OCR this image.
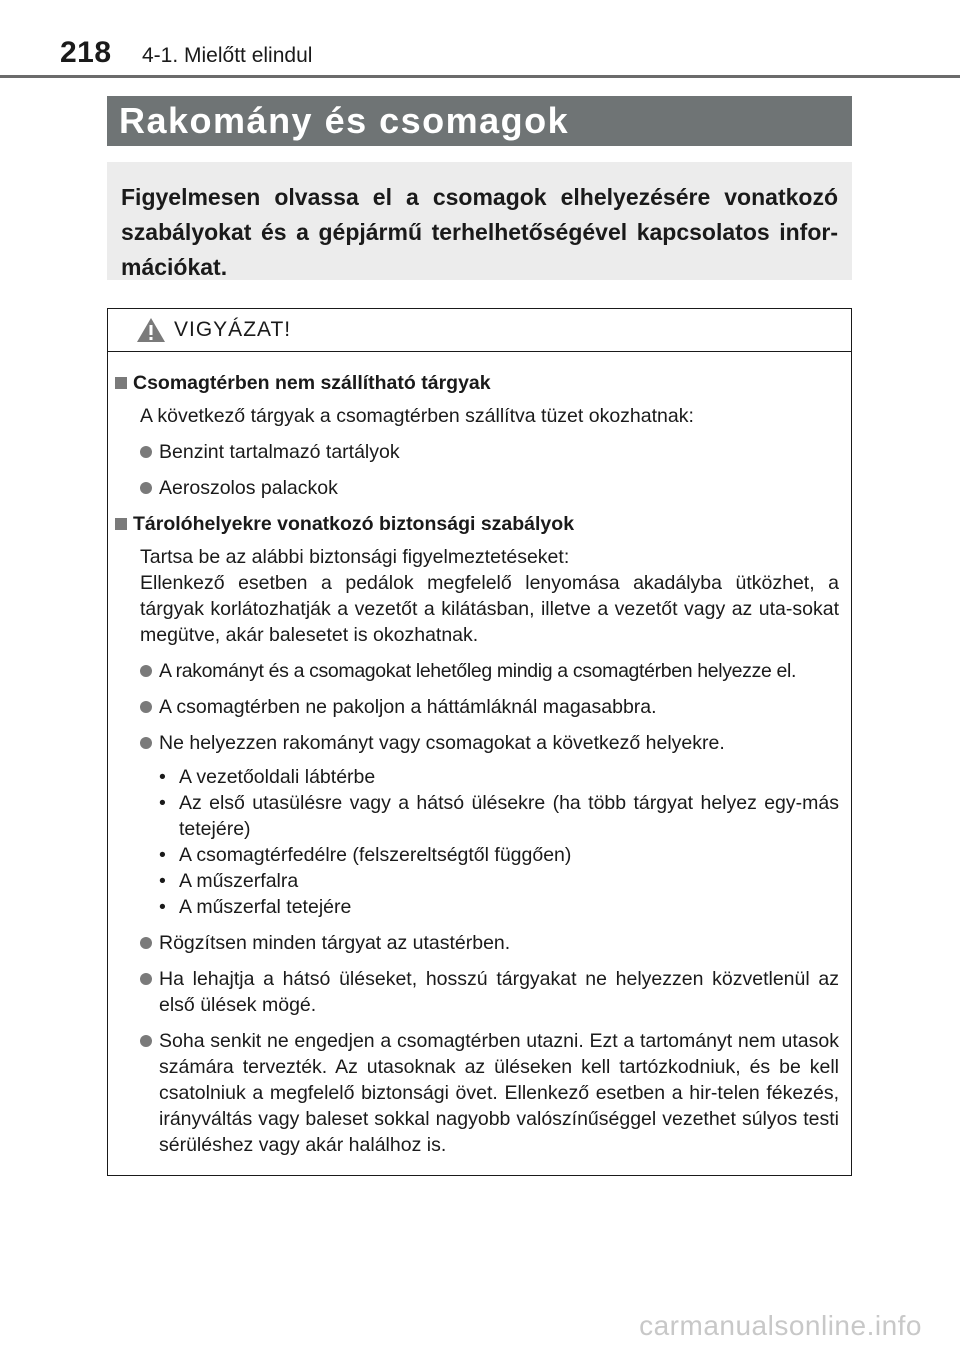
218 4-1. Mielőtt elindul
Rakomány és csomagok
Figyelmesen olvassa el a csomagok elhelyezésére vonatkozó szabályokat és a gépjármű terhelhetőségével kapcsolatos infor-mációkat.
VIGYÁZAT!
Csomagtérben nem szállítható tárgyak
A következő tárgyak a csomagtérben szállítva tüzet okozhatnak:
Benzint tartalmazó tartályok
Aeroszolos palackok
Tárolóhelyekre vonatkozó biztonsági szabályok
Tartsa be az alábbi biztonsági figyelmeztetéseket:
Ellenkező esetben a pedálok megfelelő lenyomása akadályba ütközhet, a tárgyak korlátozhatják a vezetőt a kilátásban, illetve a vezetőt vagy az uta-sokat megütve, akár balesetet is okozhatnak.
A rakományt és a csomagokat lehetőleg mindig a csomagtérben helyezze el.
A csomagtérben ne pakoljon a háttámláknál magasabbra.
Ne helyezzen rakományt vagy csomagokat a következő helyekre.
• A vezetőoldali lábtérbe
• Az első utasülésre vagy a hátsó ülésekre (ha több tárgyat helyez egy-más tetejére)
• A csomagtérfedélre (felszereltségtől függően)
• A műszerfalra
• A műszerfal tetejére
Rögzítsen minden tárgyat az utastérben.
Ha lehajtja a hátsó üléseket, hosszú tárgyakat ne helyezzen közvetlenül az első ülések mögé.
Soha senkit ne engedjen a csomagtérben utazni. Ezt a tartományt nem utasok számára tervezték. Az utasoknak az üléseken kell tartózkodniuk, és be kell csatolniuk a megfelelő biztonsági övet. Ellenkező esetben a hir-telen fékezés, irányváltás vagy baleset sokkal nagyobb valószínűséggel vezethet súlyos testi sérüléshez vagy akár halálhoz is.
carmanualsonline.info
